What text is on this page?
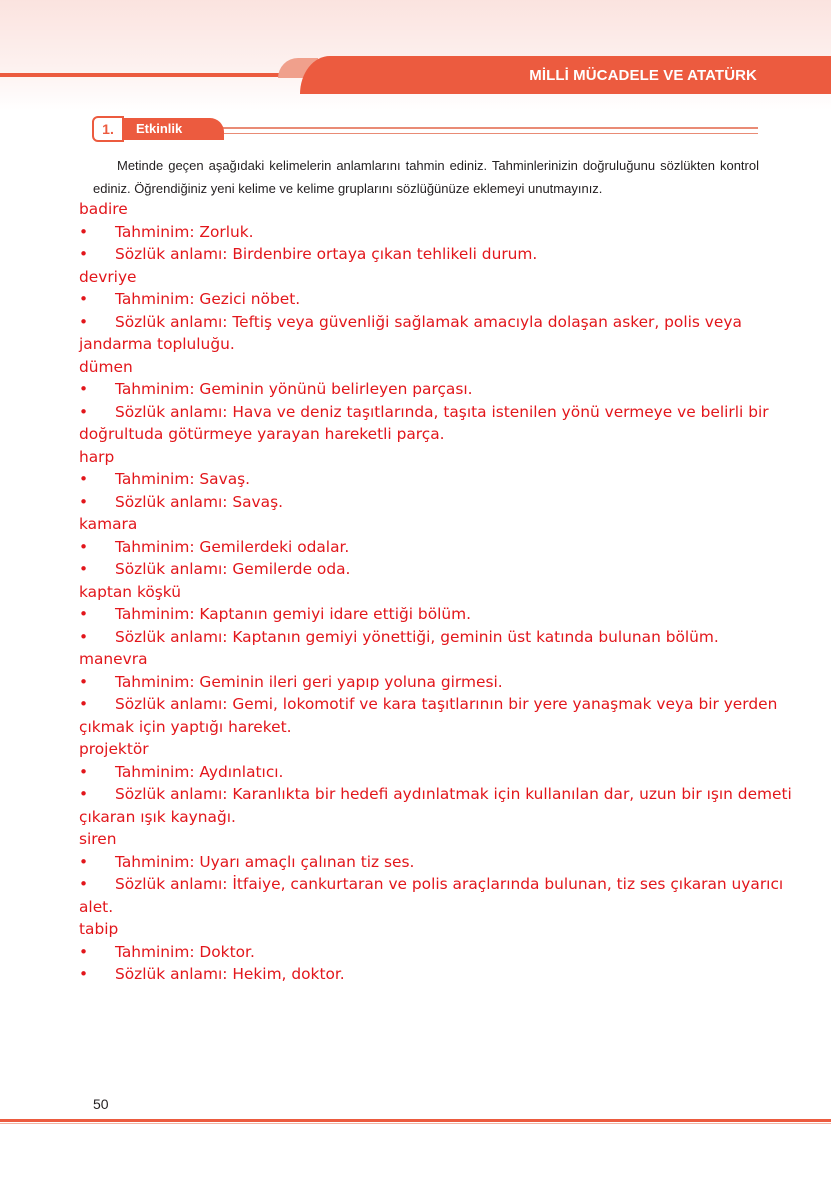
MİLLİ MÜCADELE VE ATATÜRK
1.	Etkinlik
Metinde geçen aşağıdaki kelimelerin anlamlarını tahmin ediniz. Tahminlerinizin doğruluğunu sözlükten kontrol ediniz. Öğrendiğiniz yeni kelime ve kelime gruplarını sözlüğünüze eklemeyi unutmayınız.

badire

• Tahminim: Zorluk.

• Sözlük anlamı: Birdenbire ortaya çıkan tehlikeli durum.

devriye

• Tahminim: Gezici nöbet.

• Sözlük anlamı: Teftiş veya güvenliği sağlamak amacıyla dolaşan asker, polis veya jandarma topluluğu.

dümen

• Tahminim: Geminin yönünü belirleyen parçası.

• Sözlük anlamı: Hava ve deniz taşıtlarında, taşıta istenilen yönü vermeye ve belirli bir doğrultuda götürmeye yarayan hareketli parça.

harp

• Tahminim: Savaş.

• Sözlük anlamı: Savaş.

kamara

• Tahminim: Gemilerdeki odalar.

• Sözlük anlamı: Gemilerde oda.

kaptan köşkü

• Tahminim: Kaptanın gemiyi idare ettiği bölüm.

• Sözlük anlamı: Kaptanın gemiyi yönettiği, geminin üst katında bulunan bölüm.

manevra

• Tahminim: Geminin ileri geri yapıp yoluna girmesi.

• Sözlük anlamı: Gemi, lokomotif ve kara taşıtlarının bir yere yanaşmak veya bir yerden çıkmak için yaptığı hareket.

projektör

• Tahminim: Aydınlatıcı.

• Sözlük anlamı: Karanlıkta bir hedefi aydınlatmak için kullanılan dar, uzun bir ışın demeti çıkaran ışık kaynağı.

siren

• Tahminim: Uyarı amaçlı çalınan tiz ses.

• Sözlük anlamı: İtfaiye, cankurtaran ve polis araçlarında bulunan, tiz ses çıkaran uyarıcı alet.

tabip

• Tahminim: Doktor.

• Sözlük anlamı: Hekim, doktor.

50
